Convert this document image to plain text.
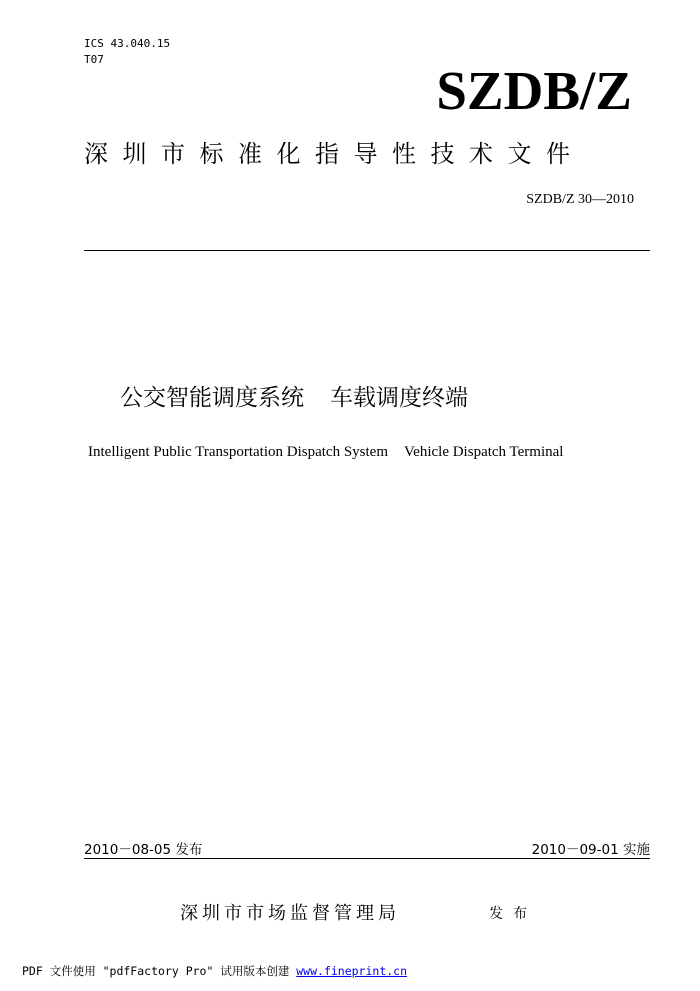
ICS 43.040.15
T07
SZDB/Z
深圳市标准化指导性技术文件
SZDB/Z 30—2010
公交智能调度系统 车载调度终端
Intelligent Public Transportation Dispatch System Vehicle Dispatch Terminal
2010－08-05 发布	2010－09-01 实施
深圳市市场监督管理局	发布
PDF 文件使用 "pdfFactory Pro" 试用版本创建 www.fineprint.cn
